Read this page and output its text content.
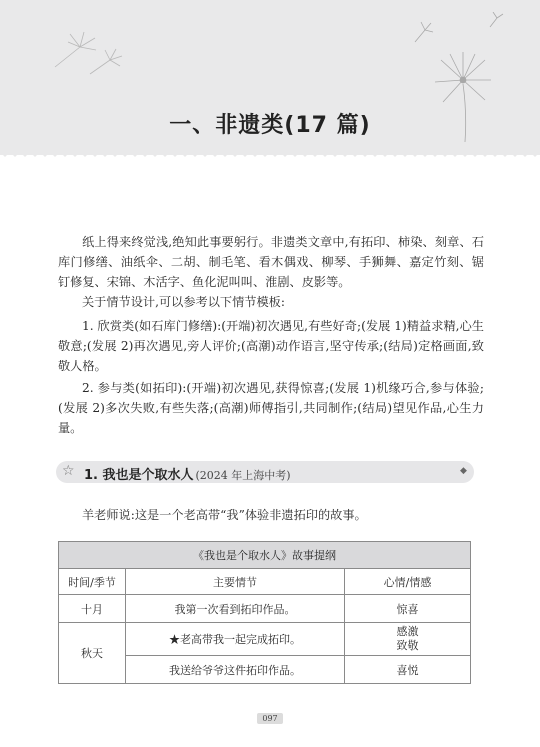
一、非遗类(17 篇)
纸上得来终觉浅,绝知此事要躬行。非遗类文章中,有拓印、柿染、刻章、石库门修缮、油纸伞、二胡、制毛笔、看木偶戏、柳琴、手狮舞、嘉定竹刻、锯钉修复、宋锦、木活字、鱼化泥叫叫、淮剧、皮影等。
关于情节设计,可以参考以下情节模板:
1. 欣赏类(如石库门修缮):(开端)初次遇见,有些好奇;(发展 1)精益求精,心生敬意;(发展 2)再次遇见,旁人评价;(高潮)动作语言,坚守传承;(结局)定格画面,致敬人格。
2. 参与类(如拓印):(开端)初次遇见,获得惊喜;(发展 1)机缘巧合,参与体验;(发展 2)多次失败,有些失落;(高潮)师傅指引,共同制作;(结局)望见作品,心生力量。
☆ 1. 我也是个取水人 (2024 年上海中考)	◆
羊老师说:这是一个老高带“我”体验非遗拓印的故事。
《我也是个取水人》故事提纲		
时间/季节	主要情节	心情/情感
十月	我第一次看到拓印作品。	惊喜
秋天	★老高带我一起完成拓印。	感激
致敬
	我送给爷爷这件拓印作品。	喜悦
097
